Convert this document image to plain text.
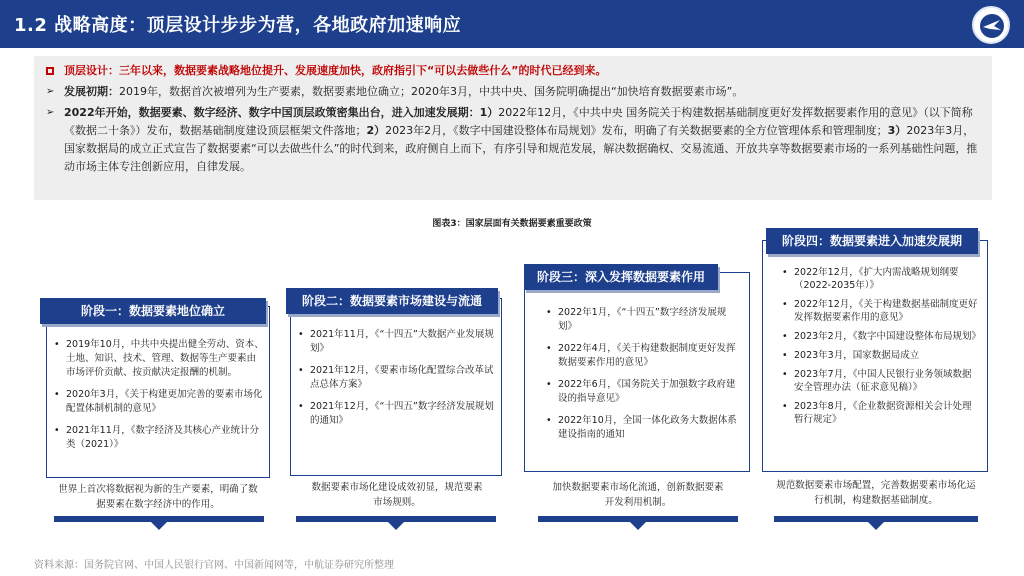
1.2 战略高度：顶层设计步步为营，各地政府加速响应
顶层设计：三年以来，数据要素战略地位提升、发展速度加快，政府指引下“可以去做些什么”的时代已经到来。
➢ 发展初期：2019年，数据首次被增列为生产要素，数据要素地位确立；2020年3月，中共中央、国务院明确提出“加快培育数据要素市场”。
➢ 2022年开始，数据要素、数字经济、数字中国顶层政策密集出台，进入加速发展期：1）2022年12月，《中共中央 国务院关于构建数据基础制度更好发挥数据要素作用的意见》（以下简称《数据二十条》）发布，数据基础制度建设顶层框架文件落地；2）2023年2月，《数字中国建设整体布局规划》发布，明确了有关数据要素的全方位管理体系和管理制度；3）2023年3月，国家数据局的成立正式宣告了数据要素“可以去做些什么”的时代到来，政府侧自上而下，有序引导和规范发展，解决数据确权、交易流通、开放共享等数据要素市场的一系列基础性问题，推动市场主体专注创新应用，自律发展。
图表3：国家层面有关数据要素重要政策
阶段一：数据要素地位确立
• 2019年10月，中共中央提出健全劳动、资本、土地、知识、技术、管理、数据等生产要素由市场评价贡献、按贡献决定报酬的机制。
• 2020年3月，《关于构建更加完善的要素市场化配置体制机制的意见》
• 2021年11月，《数字经济及其核心产业统计分类（2021）》
世界上首次将数据视为新的生产要素，明确了数据要素在数字经济中的作用。
阶段二：数据要素市场建设与流通
• 2021年11月，《“十四五”大数据产业发展规划》
• 2021年12月，《要素市场化配置综合改革试点总体方案》
• 2021年12月，《“十四五”数字经济发展规划的通知》
数据要素市场化建设成效初显，规范要素市场规则。
阶段三：深入发挥数据要素作用
• 2022年1月，《“十四五”数字经济发展规划》
• 2022年4月，《关于构建数据制度更好发挥数据要素作用的意见》
• 2022年6月，《国务院关于加强数字政府建设的指导意见》
• 2022年10月，全国一体化政务大数据体系建设指南的通知
加快数据要素市场化流通，创新数据要素开发利用机制。
阶段四：数据要素进入加速发展期
• 2022年12月，《扩大内需战略规划纲要（2022-2035年）》
• 2022年12月，《关于构建数据基础制度更好发挥数据要素作用的意见》
• 2023年2月，《数字中国建设整体布局规划》
• 2023年3月，国家数据局成立
• 2023年7月，《中国人民银行业务领域数据安全管理办法（征求意见稿）》
• 2023年8月，《企业数据资源相关会计处理暂行规定》
规范数据要素市场配置，完善数据要素市场化运行机制，构建数据基础制度。
资料来源：国务院官网、中国人民银行官网、中国新闻网等，中航证券研究所整理
